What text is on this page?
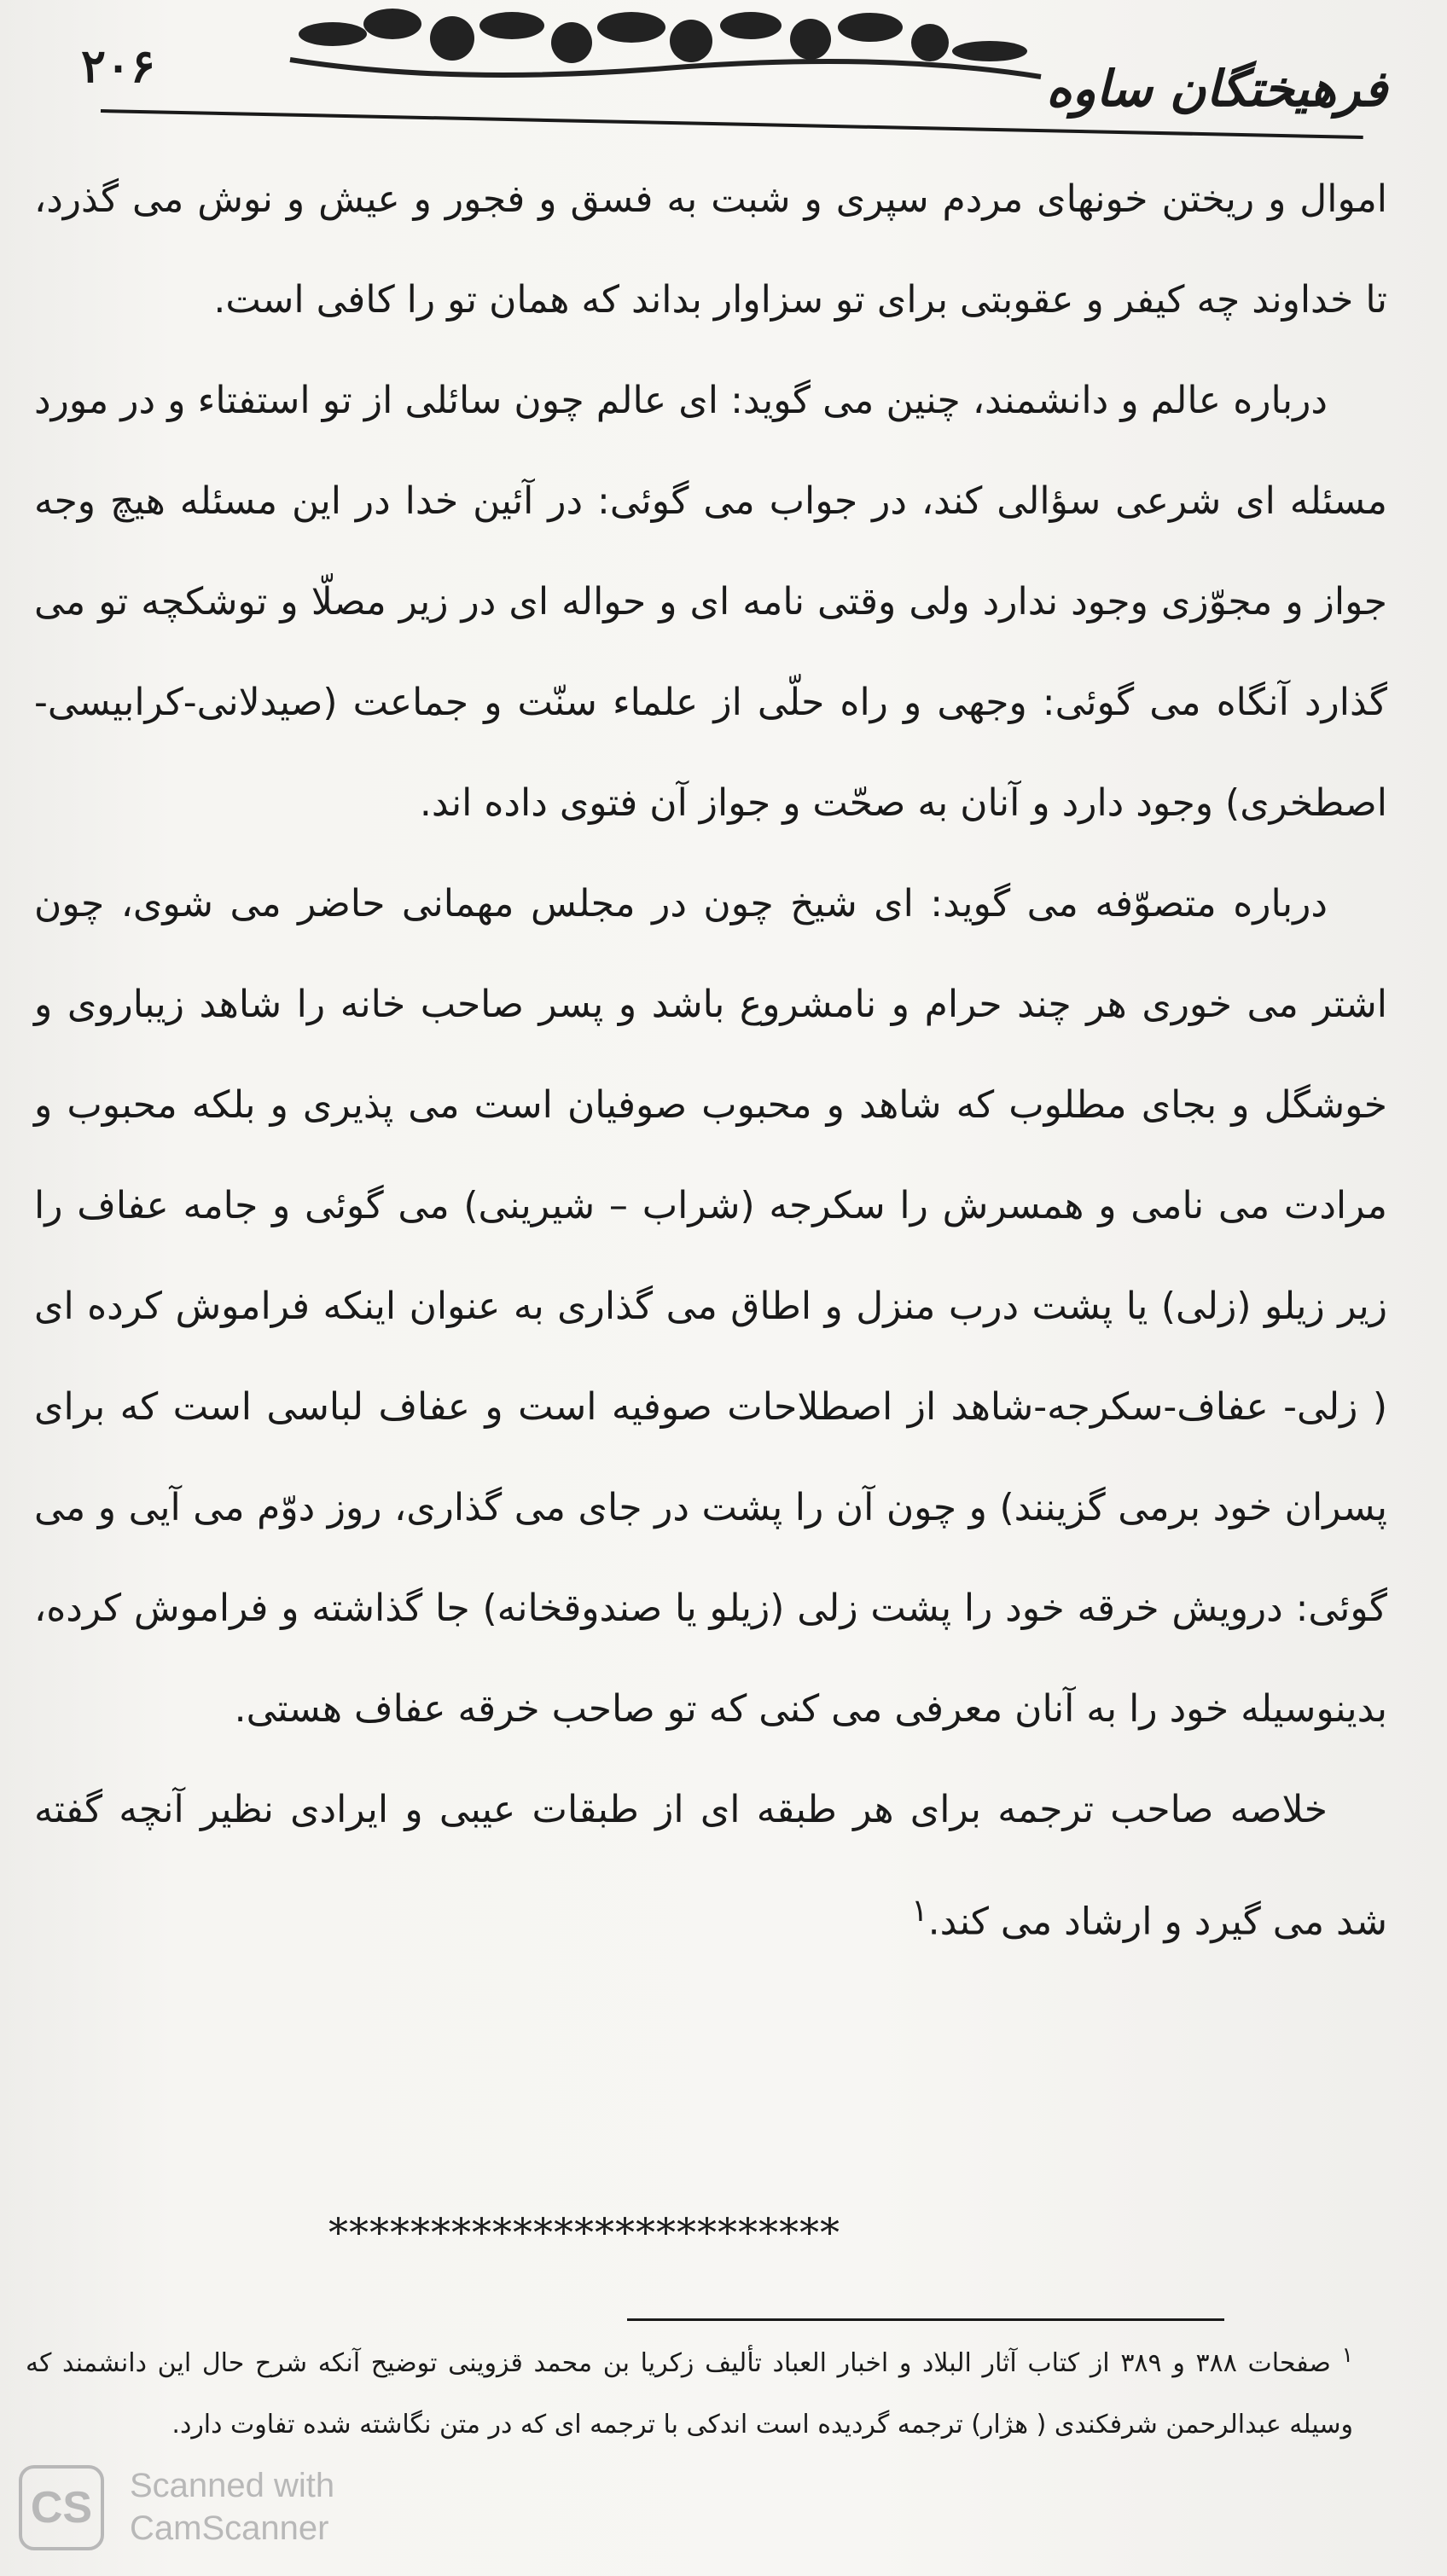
۲۰۶	فرهیختگان ساوه

اموال و ریختن خونهای مردم سپری و شبت به فسق و فجور و عیش و نوش می گذرد، تا خداوند چه کیفر و عقوبتی برای تو سزاوار بداند که همان تو را کافی است.

درباره عالم و دانشمند، چنین می گوید: ای عالم چون سائلی از تو استفتاء و در مورد مسئله ای شرعی سؤالی کند، در جواب می گوئی: در آئین خدا در این مسئله هیچ وجه جواز و مجوّزی وجود ندارد ولی وقتی نامه ای و حواله ای در زیر مصلّا و توشکچه تو می گذارد آنگاه می گوئی: وجهی و راه حلّی از علماء سنّت و جماعت (صیدلانی-کرابیسی- اصطخری) وجود دارد و آنان به صحّت و جواز آن فتوی داده اند.

درباره متصوّفه می گوید: ای شیخ چون در مجلس مهمانی حاضر می شوی، چون اشتر می خوری هر چند حرام و نامشروع باشد و پسر صاحب خانه را شاهد زیباروی و خوشگل و بجای مطلوب که شاهد و محبوب صوفیان است می پذیری و بلکه محبوب و مرادت می نامی و همسرش را سکرجه (شراب – شیرینی) می گوئی و جامه عفاف را زیر زیلو (زلی) یا پشت درب منزل و اطاق می گذاری به عنوان اینکه فراموش کرده ای ( زلی- عفاف-سکرجه-شاهد از اصطلاحات صوفیه است و عفاف لباسی است که برای پسران خود برمی گزینند) و چون آن را پشت در جای می گذاری، روز دوّم می آیی و می گوئی: درویش خرقه خود را پشت زلی (زیلو یا صندوقخانه) جا گذاشته و فراموش کرده، بدینوسیله خود را به آنان معرفی می کنی که تو صاحب خرقه عفاف هستی.

خلاصه صاحب ترجمه برای هر طبقه ای از طبقات عیبی و ایرادی نظیر آنچه گفته شد می گیرد و ارشاد می کند.$^۱$

*************************

$^۱$ صفحات ۳۸۸ و ۳۸۹ از کتاب آثار البلاد و اخبار العباد تألیف زکریا بن محمد قزوینی توضیح آنکه شرح حال این دانشمند که وسیله عبدالرحمن شرفکندی ( هژار) ترجمه گردیده است اندکی با ترجمه ای که در متن نگاشته شده تفاوت دارد.

CS	Scanned with
CamScanner
